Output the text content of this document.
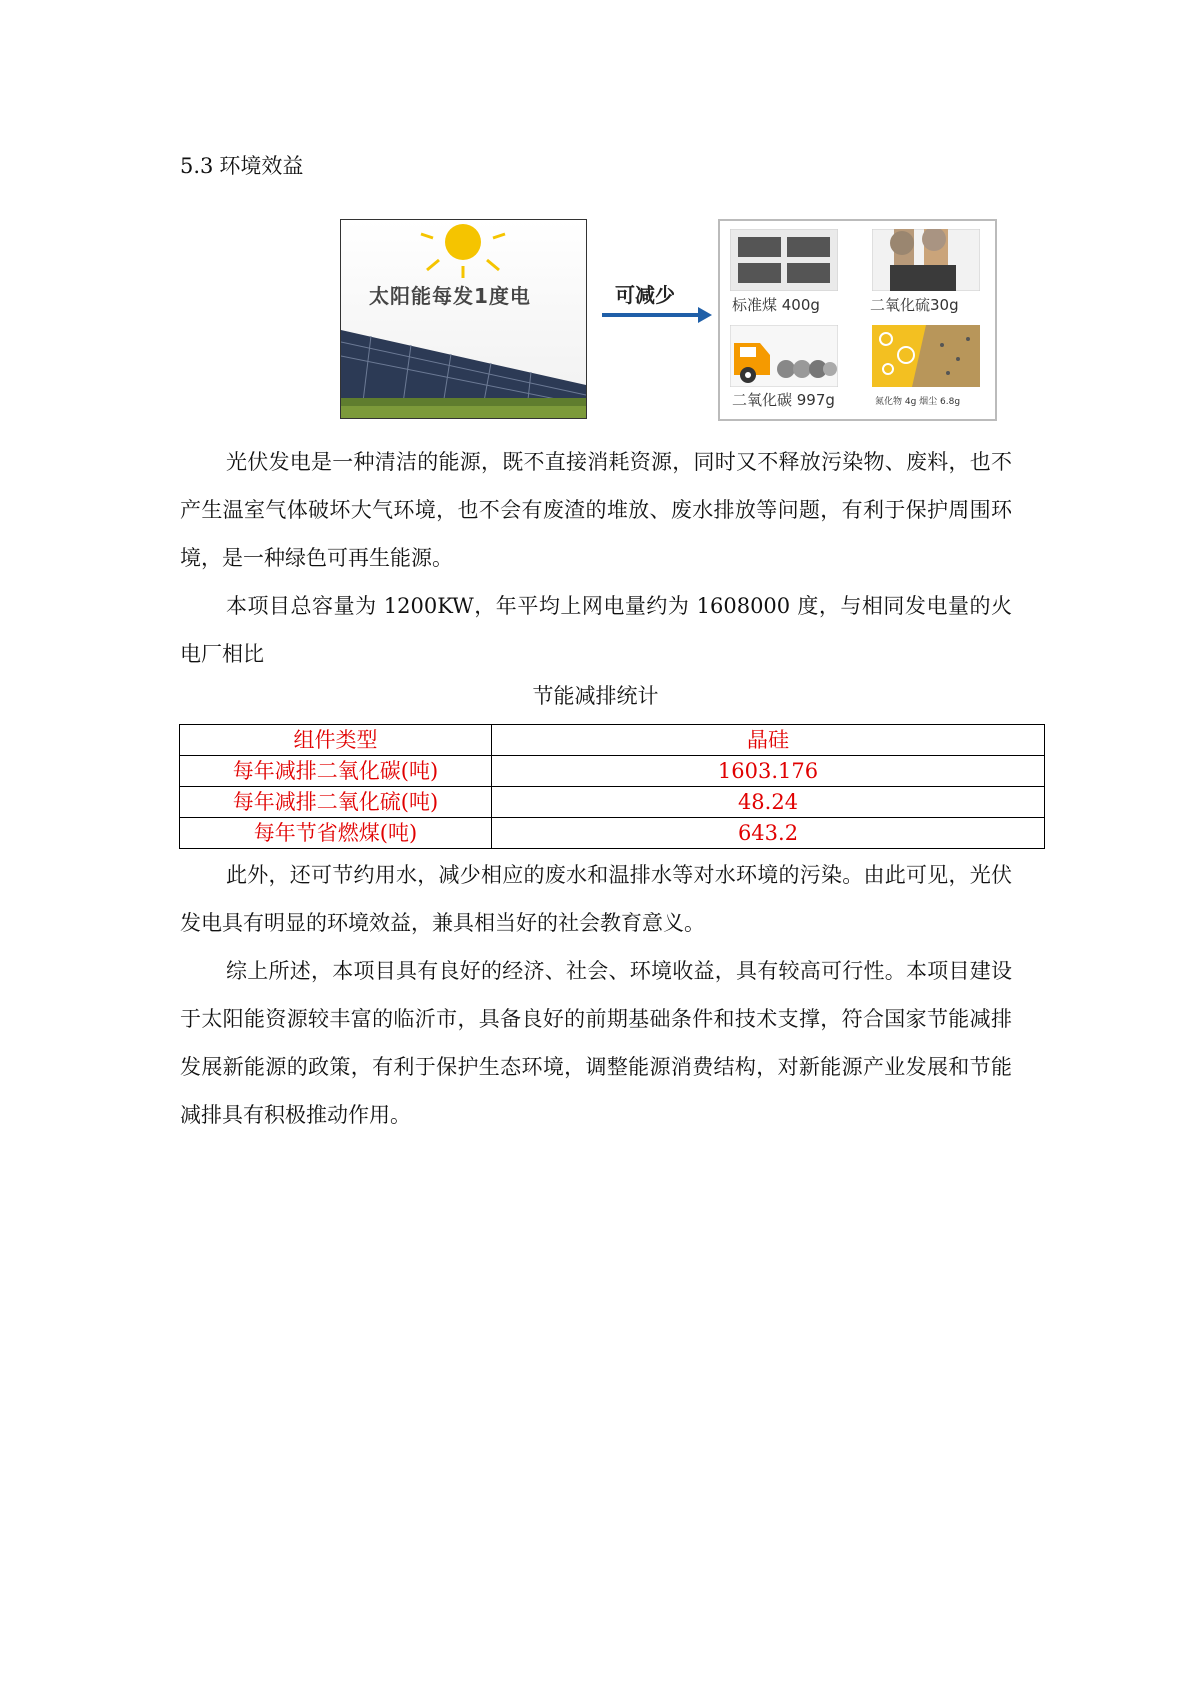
5.3 环境效益
太阳能每发1度电	可减少	标准煤 400g	二氧化硫30g
二氧化碳 997g	氮化物 4g 烟尘 6.8g

光伏发电是一种清洁的能源，既不直接消耗资源，同时又不释放污染物、废料，也不产生温室气体破坏大气环境，也不会有废渣的堆放、废水排放等问题，有利于保护周围环境，是一种绿色可再生能源。

本项目总容量为 1200KW，年平均上网电量约为 1608000 度，与相同发电量的火电厂相比

节能减排统计
组件类型	晶硅
每年减排二氧化碳(吨)	1603.176
每年减排二氧化硫(吨)	48.24
每年节省燃煤(吨)	643.2

此外，还可节约用水，减少相应的废水和温排水等对水环境的污染。由此可见，光伏发电具有明显的环境效益，兼具相当好的社会教育意义。

综上所述，本项目具有良好的经济、社会、环境收益，具有较高可行性。本项目建设于太阳能资源较丰富的临沂市，具备良好的前期基础条件和技术支撑，符合国家节能减排发展新能源的政策，有利于保护生态环境，调整能源消费结构，对新能源产业发展和节能减排具有积极推动作用。
